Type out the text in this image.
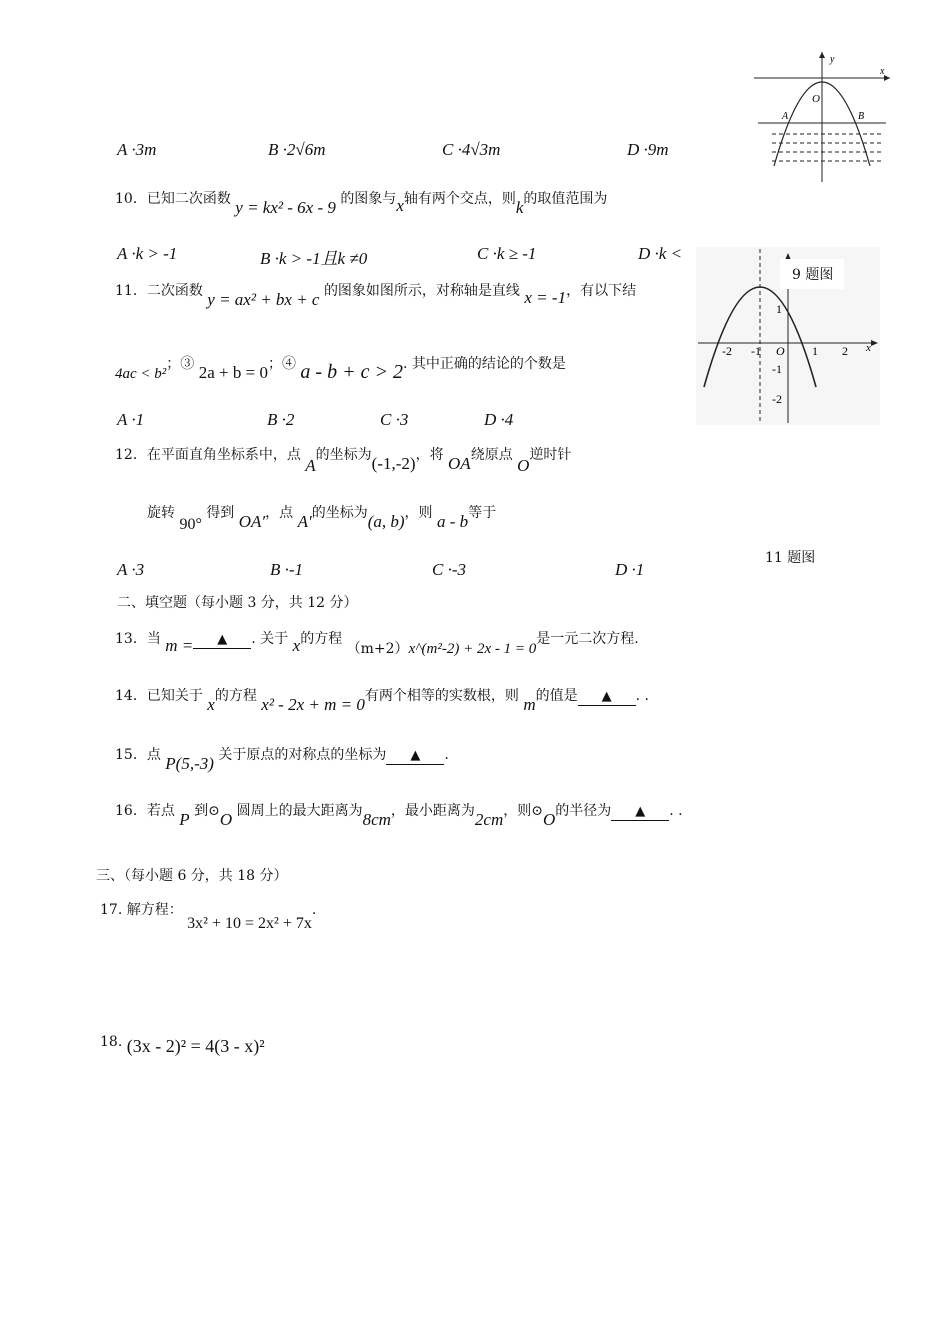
y
x
O
A	B
A ·3m	B ·2√6m	C ·4√3m	D ·9m
10．已知二次函数 y = kx² - 6x - 9 的图象与x轴有两个交点，则k的取值范围为
A ·k > -1	B ·k > -1且k ≠0	C ·k ≥ -1	D ·k <
11．二次函数 y = ax² + bx + c 的图象如图所示，对称轴是直线 x = -1，有以下结
4ac < b²；③ 2a + b = 0；④ a - b + c > 2. 其中正确的结论的个数是
A ·1	B ·2	C ·3	D ·4
-2 -1 O 1 2 x
1
-1
-2
9 题图
11 题图
12．在平面直角坐标系中，点 A的坐标为(-1,-2)，将 OA绕原点 O逆时针
旋转 90° 得到 OA′，点 A′的坐标为(a, b)，则 a - b等于
A ·3	B ·-1	C ·-3	D ·1
二、填空题（每小题 3 分，共 12 分）
13．当 m = ▲ . 关于 x的方程 （m+2）x^(m²-2) + 2x - 1 = 0是一元二次方程.
14．已知关于 x的方程 x² - 2x + m = 0有两个相等的实数根，则 m的值是 ▲ . .
15．点 P(5,-3) 关于原点的对称点的坐标为 ▲ .
16．若点 P 到⊙O 圆周上的最大距离为8cm，最小距离为2cm，则⊙O的半径为 ▲ . .
三、（每小题 6 分，共 18 分）
17. 解方程： 3x² + 10 = 2x² + 7x.
18. (3x - 2)² = 4(3 - x)²
